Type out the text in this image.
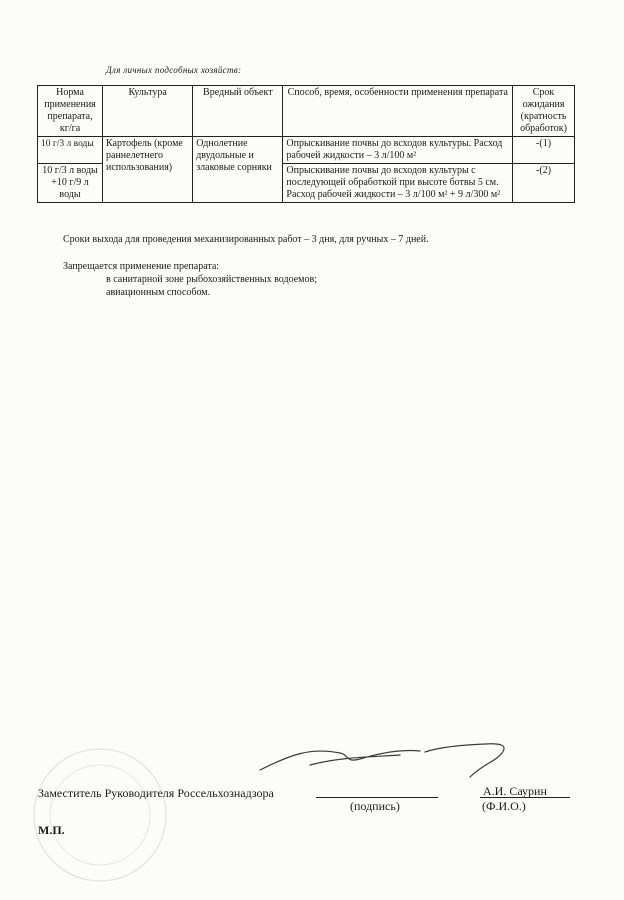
Для личных подсобных хозяйств:
Норма применения препарата, кг/га	Культура	Вредный объект	Способ, время, особенности применения препарата	Срок ожидания (кратность обработок)
10 г/3 л воды	Картофель (кроме раннелетнего использования)	Однолетние двудольные и злаковые сорняки	Опрыскивание почвы до всходов культуры. Расход рабочей жидкости – 3 л/100 м²	-(1)
10 г/3 л воды +10 г/9 л воды			Опрыскивание почвы до всходов культуры с последующей обработкой при высоте ботвы 5 см. Расход рабочей жидкости – 3 л/100 м² + 9 л/300 м²	-(2)
Сроки выхода для проведения механизированных работ – 3 дня, для ручных – 7 дней.
Запрещается применение препарата:
в санитарной зоне рыбохозяйственных водоемов;
авиационным способом.
Заместитель Руководителя Россельхознадзора	А.И. Саурин
(подпись)	(Ф.И.О.)
М.П.
